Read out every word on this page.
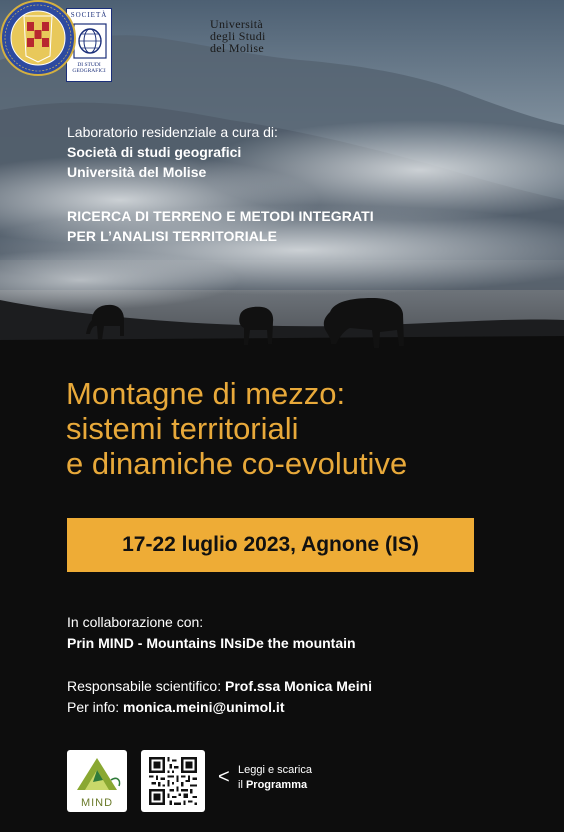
SOCIETÀ
DI STUDI
GEOGRAFICI
Università
degli Studi
del Molise
Laboratorio residenziale a cura di:
Società di studi geografici
Università del Molise
RICERCA DI TERRENO E METODI INTEGRATI
PER L’ANALISI TERRITORIALE
Montagne di mezzo:
sistemi territoriali
e dinamiche co-evolutive
17-22 luglio 2023, Agnone (IS)
In collaborazione con:
Prin MIND - Mountains INsiDe the mountain
Responsabile scientifico: Prof.ssa Monica Meini
Per info: monica.meini@unimol.it
MIND
< Leggi e scarica
il Programma
